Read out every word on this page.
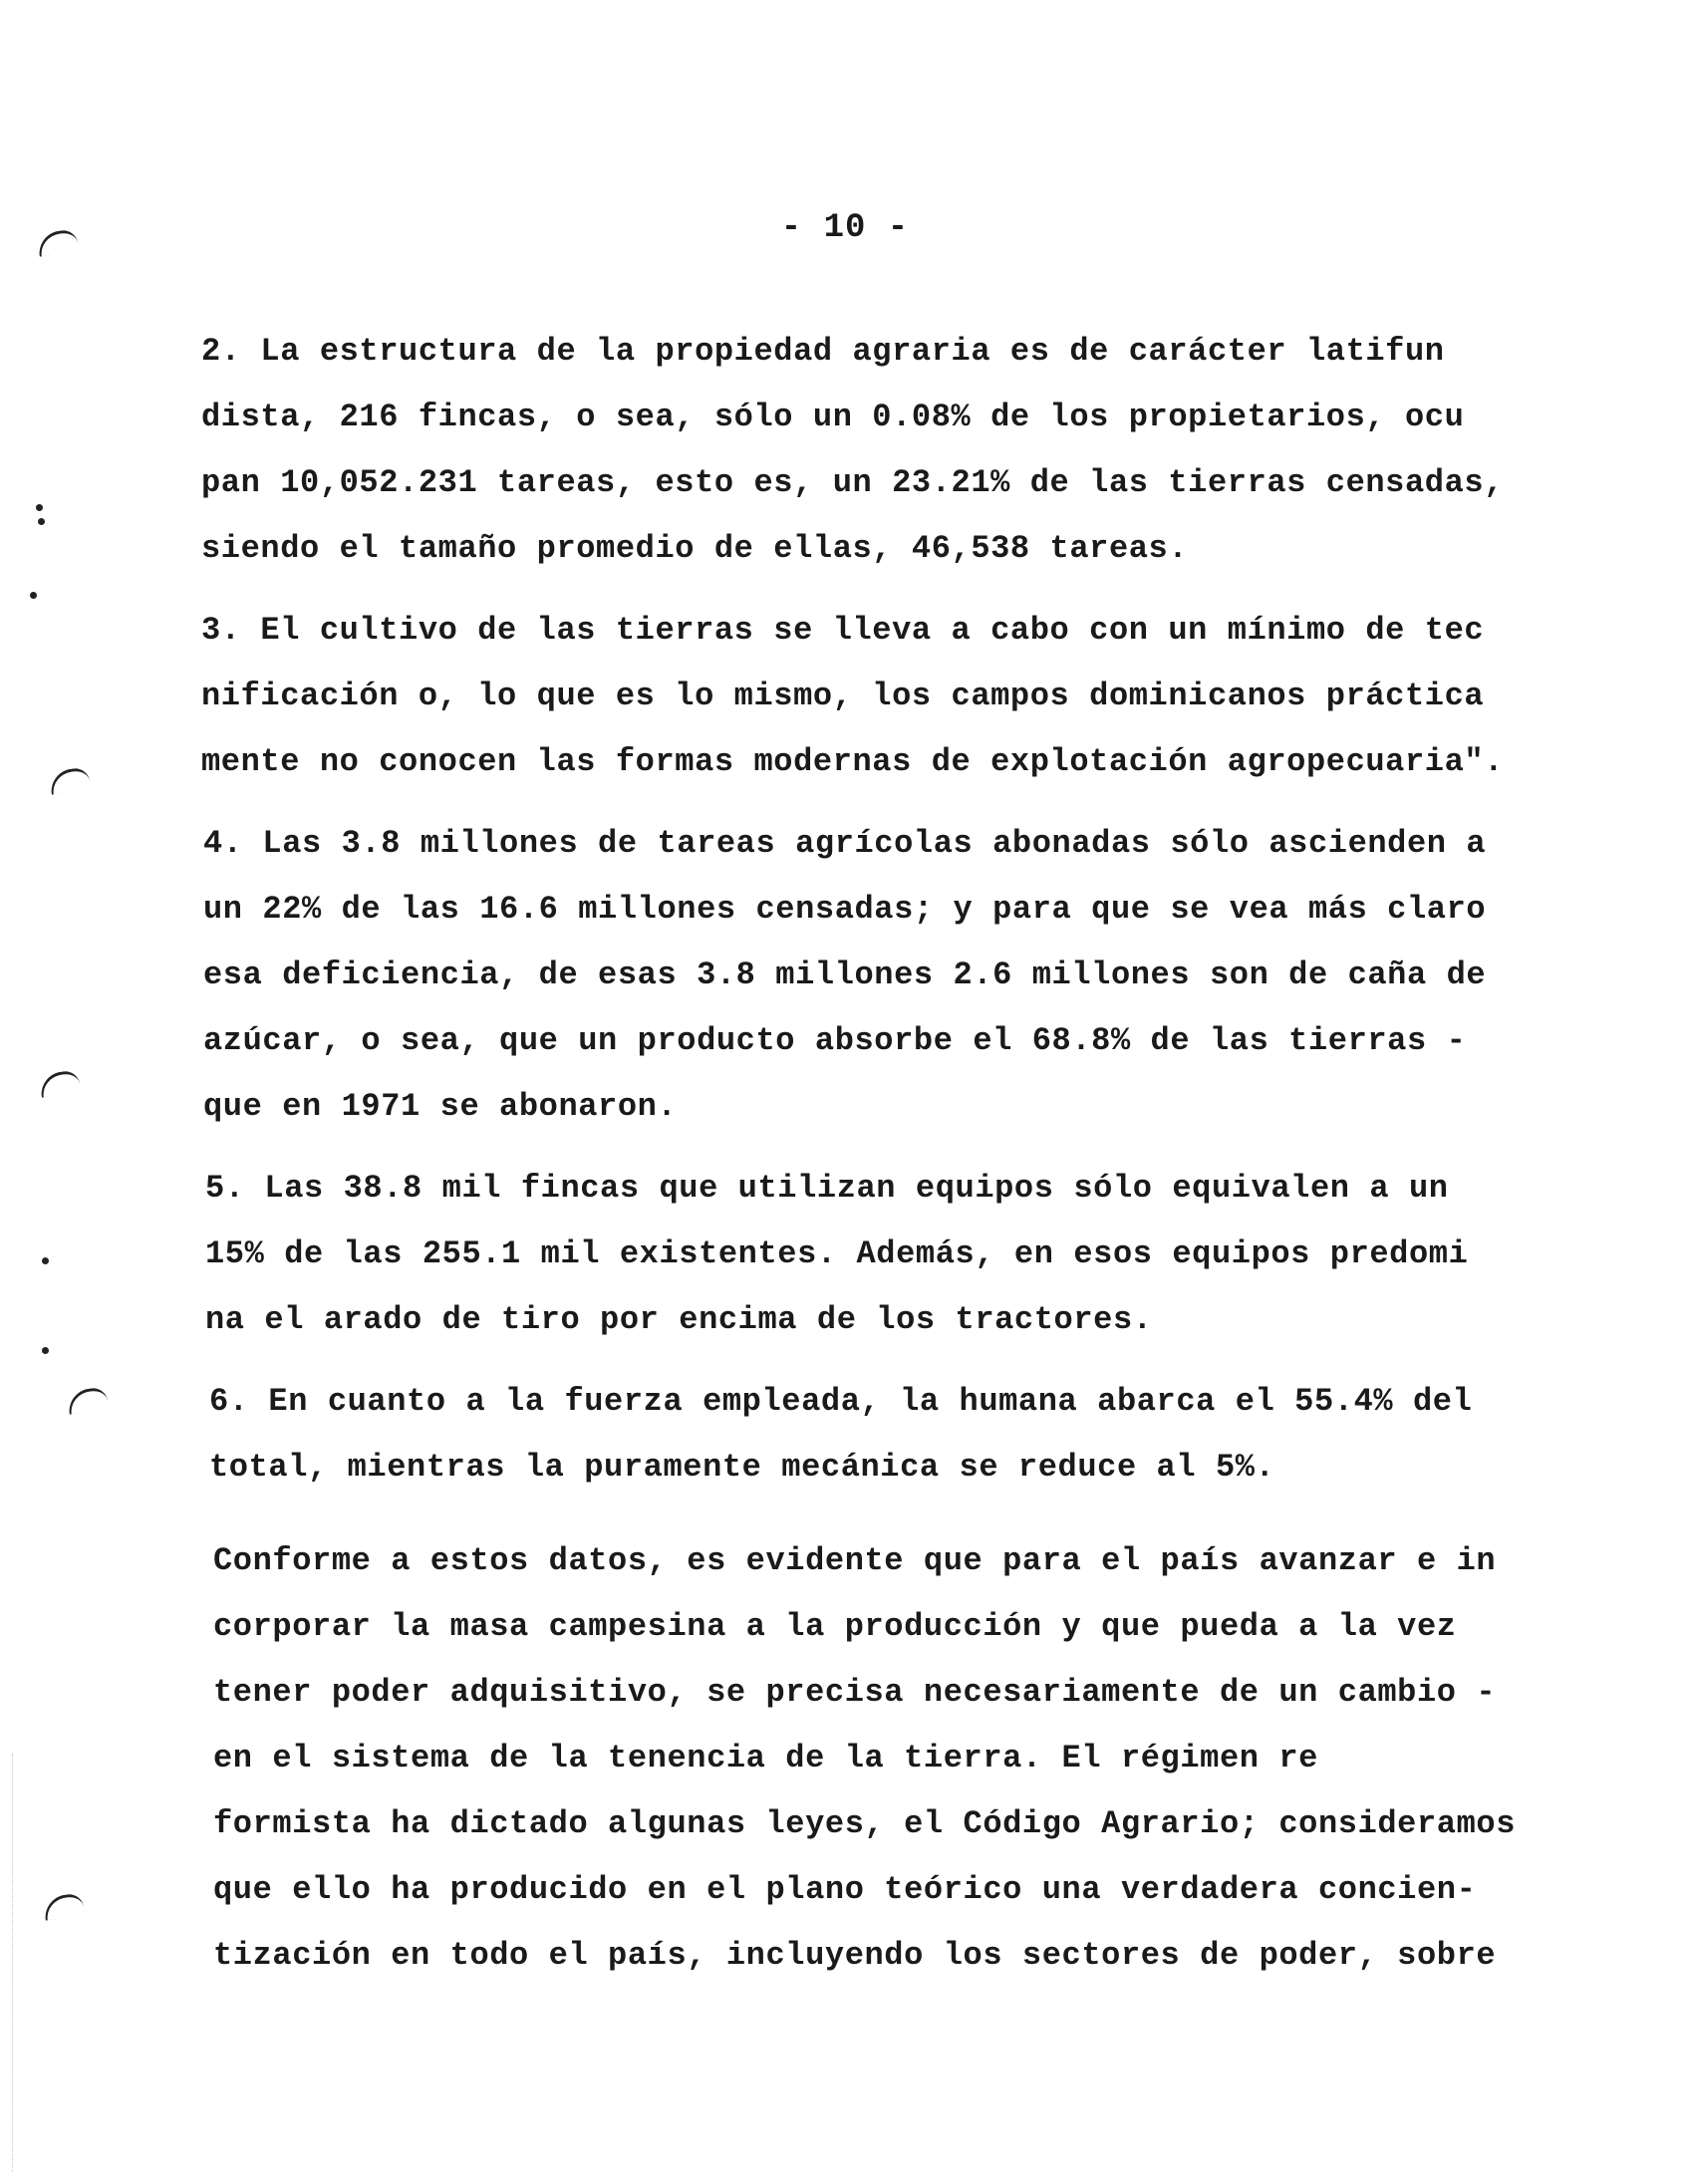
- 10 -
2. La estructura de la propiedad agraria es de carácter latifun
dista, 216 fincas, o sea, sólo un 0.08% de los propietarios, ocu
pan 10,052.231 tareas, esto es, un 23.21% de las tierras censadas,
siendo el tamaño promedio de ellas, 46,538 tareas.
3. El cultivo de las tierras se lleva a cabo con un mínimo de tec
nificación o, lo que es lo mismo, los campos dominicanos práctica
mente no conocen las formas modernas de explotación agropecuaria".
4. Las 3.8 millones de tareas agrícolas abonadas sólo ascienden a
un 22% de las 16.6 millones censadas; y para que se vea más claro
esa deficiencia, de esas 3.8 millones 2.6 millones son de caña de
azúcar, o sea, que un producto absorbe el 68.8% de las tierras -
que en 1971 se abonaron.
5. Las 38.8 mil fincas que utilizan equipos sólo equivalen a un
15% de las 255.1 mil existentes. Además, en esos equipos predomi
na el arado de tiro por encima de los tractores.
6. En cuanto a la fuerza empleada, la humana abarca el 55.4% del
total, mientras la puramente mecánica se reduce al 5%.
Conforme a estos datos, es evidente que para el país avanzar e in
corporar la masa campesina a la producción y que pueda a la vez
tener poder adquisitivo, se precisa necesariamente de un cambio -
en el sistema de la tenencia de la tierra. El régimen re
formista ha dictado algunas leyes, el Código Agrario; consideramos
que ello ha producido en el plano teórico una verdadera concien-
tización en todo el país, incluyendo los sectores de poder, sobre
